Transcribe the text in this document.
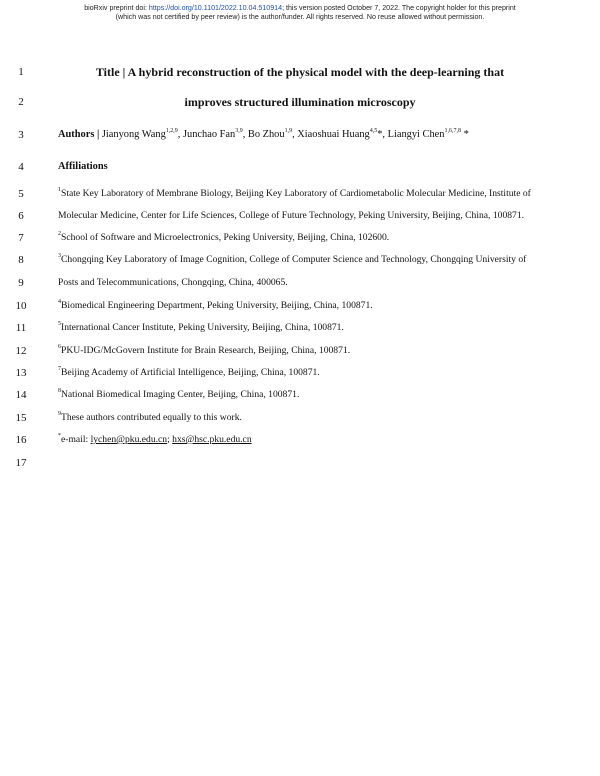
bioRxiv preprint doi: https://doi.org/10.1101/2022.10.04.510914; this version posted October 7, 2022. The copyright holder for this preprint
(which was not certified by peer review) is the author/funder. All rights reserved. No reuse allowed without permission.
1	Title | A hybrid reconstruction of the physical model with the deep-learning that
2	improves structured illumination microscopy
3	Authors | Jianyong Wang$^{1,2,9}$, Junchao Fan$^{3,9}$, Bo Zhou$^{1,9}$, Xiaoshuai Huang$^{4,5}$*, Liangyi Chen$^{1,6,7,8}$ *
4	Affiliations
5	$^1$State Key Laboratory of Membrane Biology, Beijing Key Laboratory of Cardiometabolic Molecular Medicine, Institute of
6	Molecular Medicine, Center for Life Sciences, College of Future Technology, Peking University, Beijing, China, 100871.
7	$^2$School of Software and Microelectronics, Peking University, Beijing, China, 102600.
8	$^3$Chongqing Key Laboratory of Image Cognition, College of Computer Science and Technology, Chongqing University of
9	Posts and Telecommunications, Chongqing, China, 400065.
10	$^4$Biomedical Engineering Department, Peking University, Beijing, China, 100871.
11	$^5$International Cancer Institute, Peking University, Beijing, China, 100871.
12	$^6$PKU-IDG/McGovern Institute for Brain Research, Beijing, China, 100871.
13	$^7$Beijing Academy of Artificial Intelligence, Beijing, China, 100871.
14	$^8$National Biomedical Imaging Center, Beijing, China, 100871.
15	$^9$These authors contributed equally to this work.
16	*e-mail: lychen@pku.edu.cn; hxs@hsc.pku.edu.cn
17
